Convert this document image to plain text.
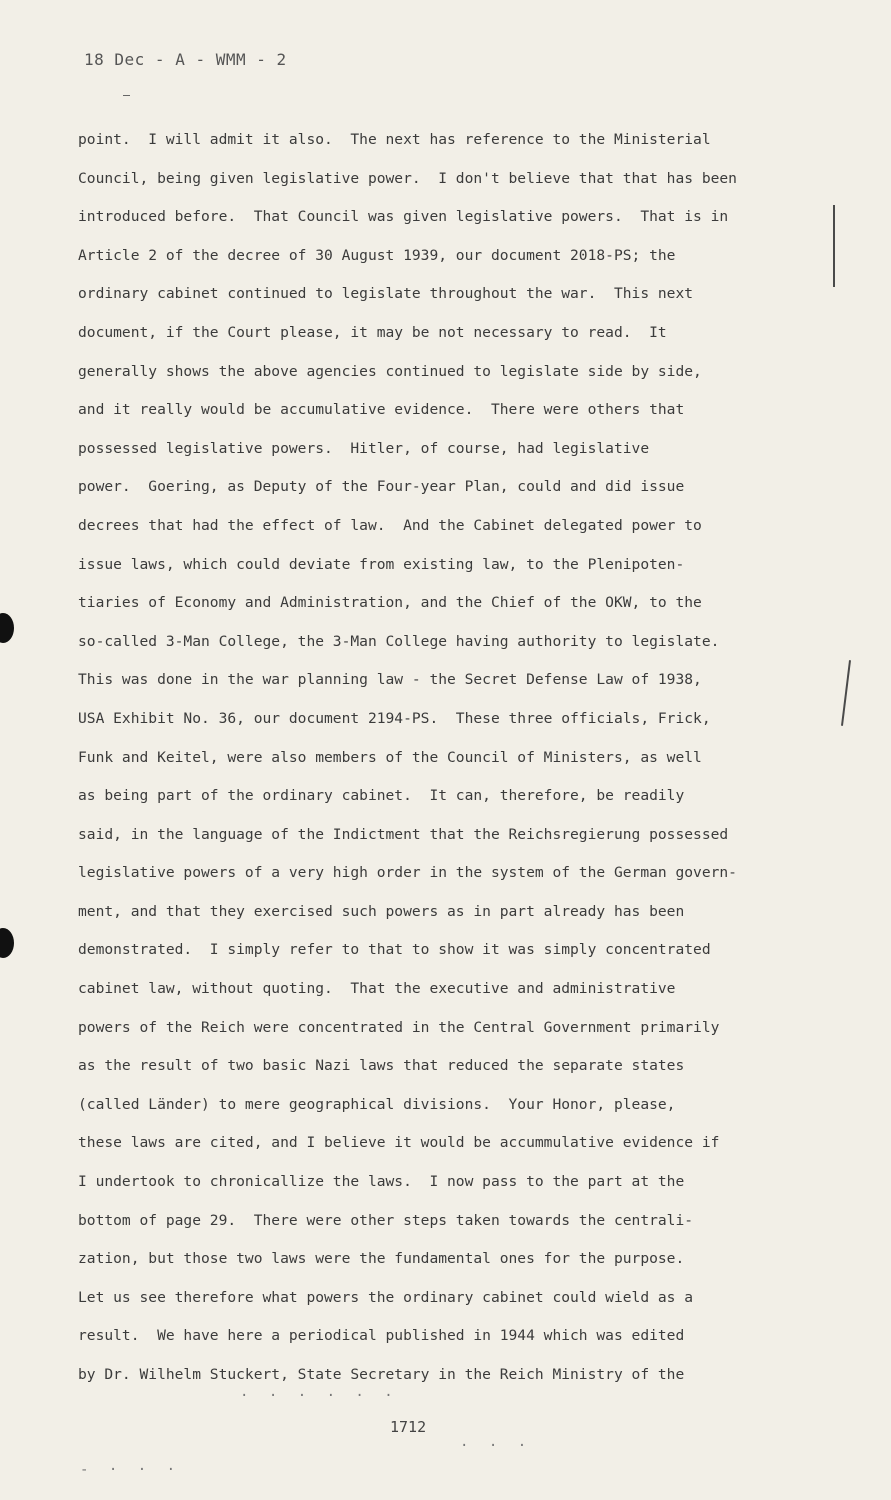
18 Dec - A - WMM - 2
point.  I will admit it also.  The next has reference to the Ministerial
Council, being given legislative power.  I don't believe that that has been
introduced before.  That Council was given legislative powers.  That is in
Article 2 of the decree of 30 August 1939, our document 2018-PS; the
ordinary cabinet continued to legislate throughout the war.  This next
document, if the Court please, it may be not necessary to read.  It
generally shows the above agencies continued to legislate side by side,
and it really would be accumulative evidence.  There were others that
possessed legislative powers.  Hitler, of course, had legislative
power.  Goering, as Deputy of the Four-year Plan, could and did issue
decrees that had the effect of law.  And the Cabinet delegated power to
issue laws, which could deviate from existing law, to the Plenipoten-
tiaries of Economy and Administration, and the Chief of the OKW, to the
so-called 3-Man College, the 3-Man College having authority to legislate.
This was done in the war planning law - the Secret Defense Law of 1938,
USA Exhibit No. 36, our document 2194-PS.  These three officials, Frick,
Funk and Keitel, were also members of the Council of Ministers, as well
as being part of the ordinary cabinet.  It can, therefore, be readily
said, in the language of the Indictment that the Reichsregierung possessed
legislative powers of a very high order in the system of the German govern-
ment, and that they exercised such powers as in part already has been
demonstrated.  I simply refer to that to show it was simply concentrated
cabinet law, without quoting.  That the executive and administrative
powers of the Reich were concentrated in the Central Government primarily
as the result of two basic Nazi laws that reduced the separate states
(called Länder) to mere geographical divisions.  Your Honor, please,
these laws are cited, and I believe it would be accummulative evidence if
I undertook to chronicallize the laws.  I now pass to the part at the
bottom of page 29.  There were other steps taken towards the centrali-
zation, but those two laws were the fundamental ones for the purpose.
Let us see therefore what powers the ordinary cabinet could wield as a
result.  We have here a periodical published in 1944 which was edited
by Dr. Wilhelm Stuckert, State Secretary in the Reich Ministry of the
· · · · · ·
· · ·
- · · ·
1712
